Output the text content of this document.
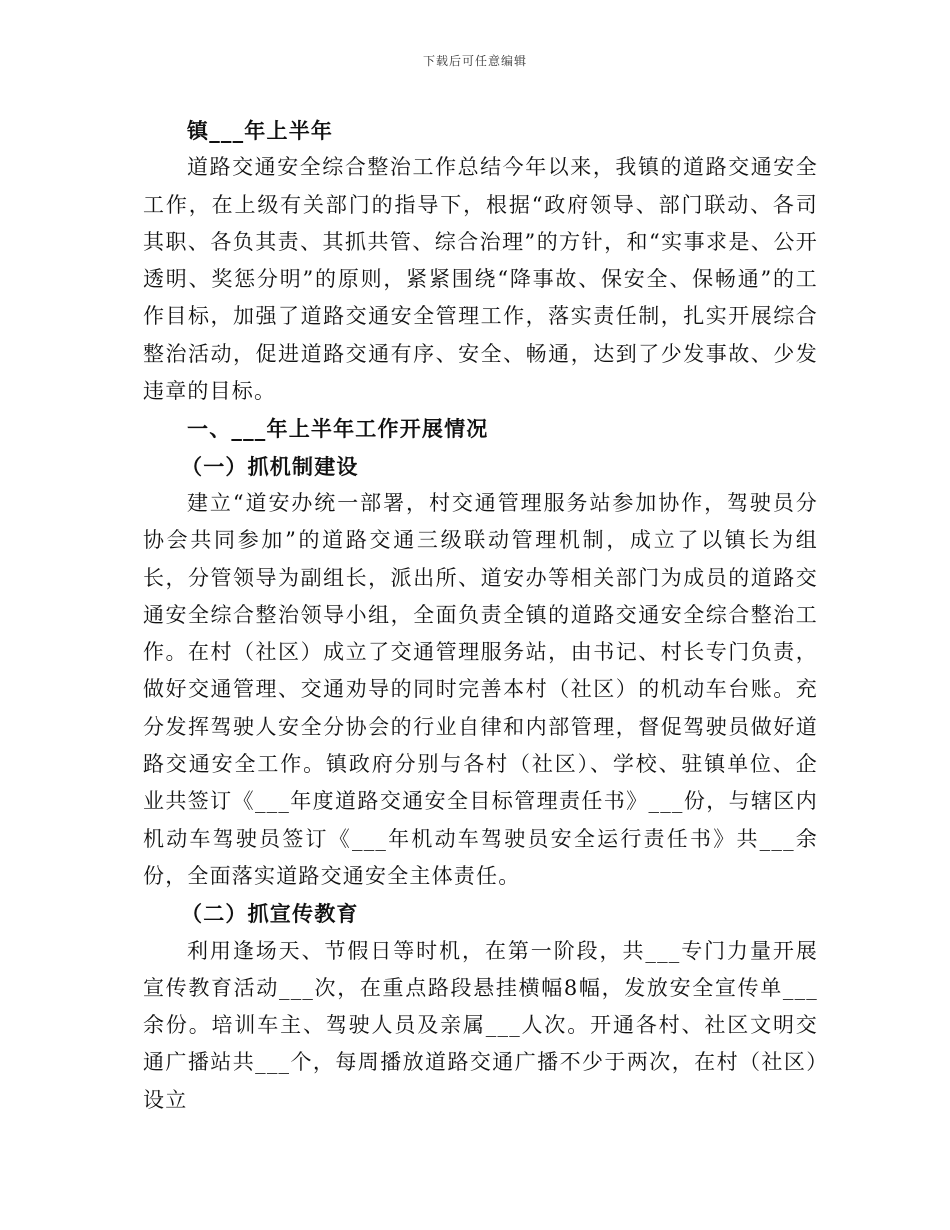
下载后可任意编辑

镇___年上半年

道路交通安全综合整治工作总结今年以来，我镇的道路交通安全工作，在上级有关部门的指导下，根据“政府领导、部门联动、各司其职、各负其责、其抓共管、综合治理”的方针，和“实事求是、公开透明、奖惩分明”的原则，紧紧围绕“降事故、保安全、保畅通”的工作目标，加强了道路交通安全管理工作，落实责任制，扎实开展综合整治活动，促进道路交通有序、安全、畅通，达到了少发事故、少发违章的目标。

一、___年上半年工作开展情况

（一）抓机制建设

建立“道安办统一部署，村交通管理服务站参加协作，驾驶员分协会共同参加”的道路交通三级联动管理机制，成立了以镇长为组长，分管领导为副组长，派出所、道安办等相关部门为成员的道路交通安全综合整治领导小组，全面负责全镇的道路交通安全综合整治工作。在村（社区）成立了交通管理服务站，由书记、村长专门负责，做好交通管理、交通劝导的同时完善本村（社区）的机动车台账。充分发挥驾驶人安全分协会的行业自律和内部管理，督促驾驶员做好道路交通安全工作。镇政府分别与各村（社区）、学校、驻镇单位、企业共签订《___年度道路交通安全目标管理责任书》___份，与辖区内机动车驾驶员签订《___年机动车驾驶员安全运行责任书》共___余份，全面落实道路交通安全主体责任。

（二）抓宣传教育

利用逢场天、节假日等时机，在第一阶段，共___专门力量开展宣传教育活动___次，在重点路段悬挂横幅8幅，发放安全宣传单___余份。培训车主、驾驶人员及亲属___人次。开通各村、社区文明交通广播站共___个，每周播放道路交通广播不少于两次，在村（社区）设立
